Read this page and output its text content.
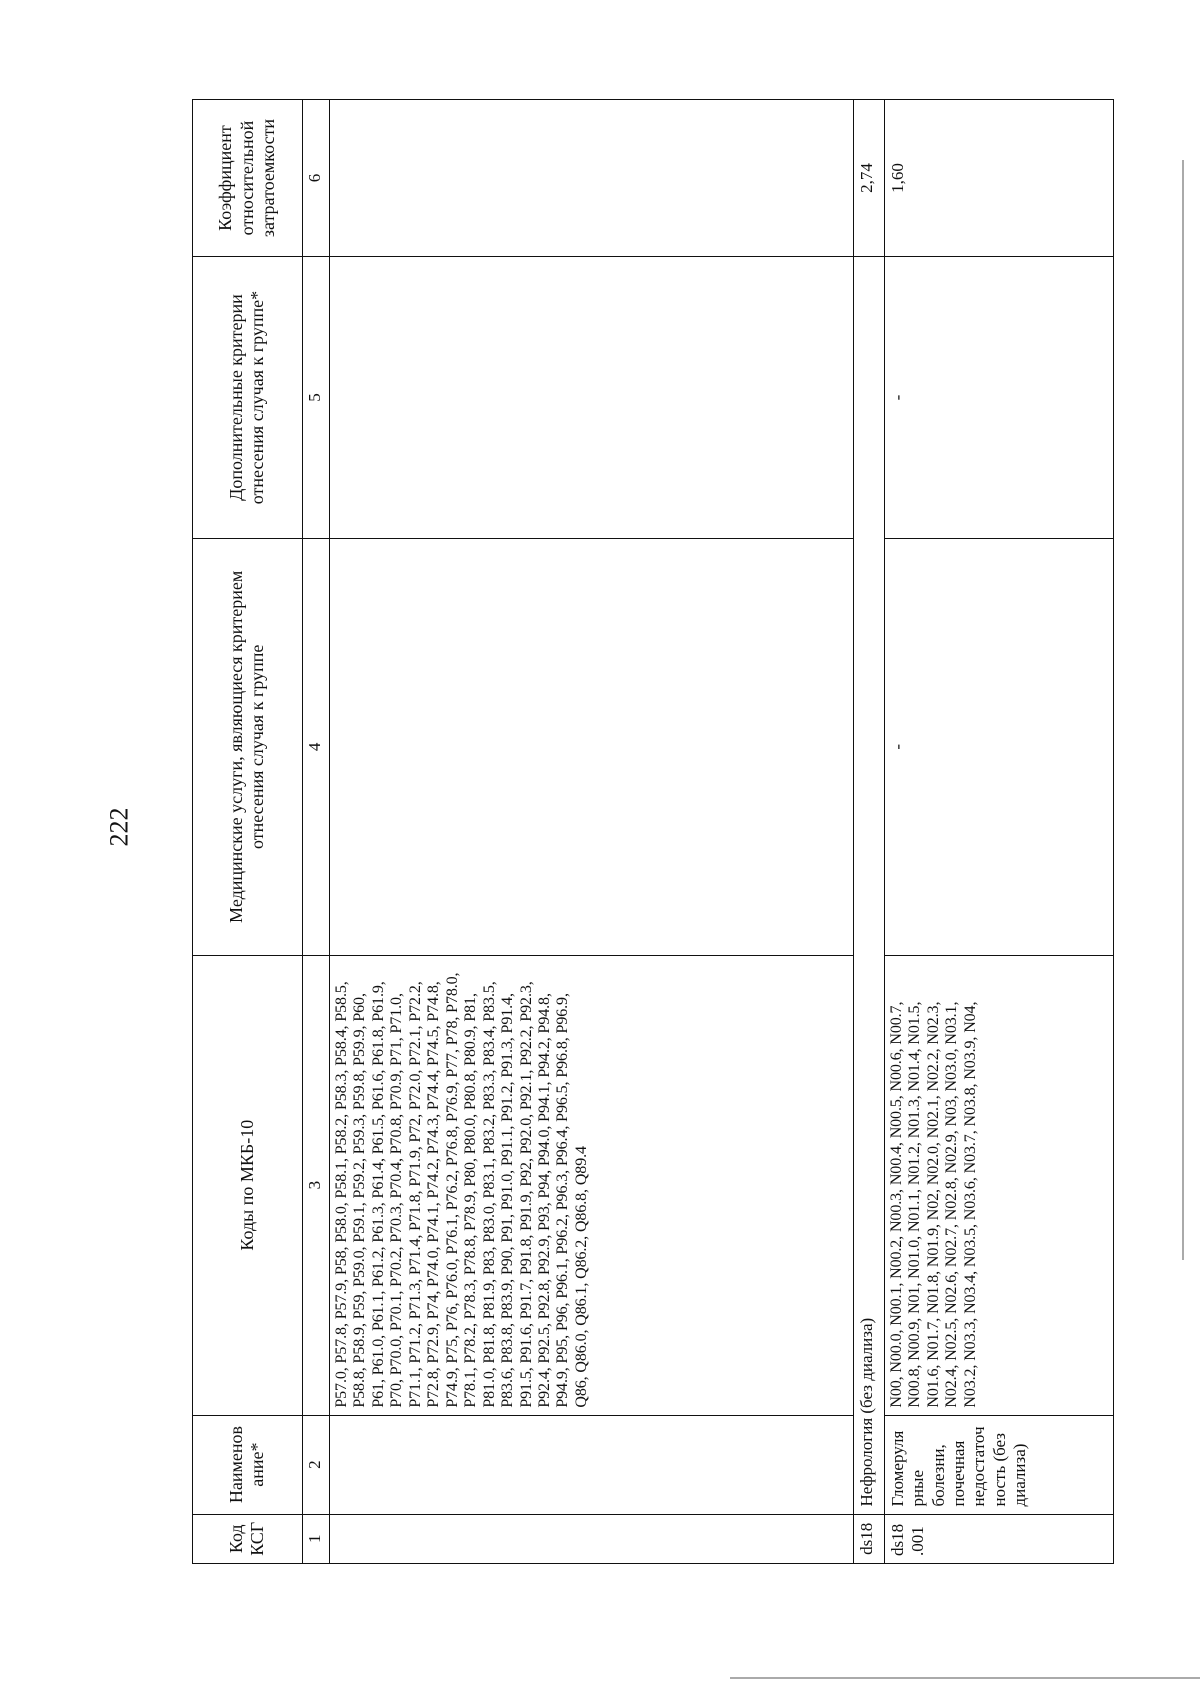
222
Код КСГ	Наименование*	Коды по МКБ-10	Медицинские услуги, являющиеся критерием отнесения случая к группе	Дополнительные критерии отнесения случая к группе*	Коэффициент относительной затратоемкости
1	2	3	4	5	6
		P57.0, P57.8, P57.9, P58, P58.0, P58.1, P58.2, P58.3, P58.4, P58.5, P58.8, P58.9, P59, P59.0, P59.1, P59.2, P59.3, P59.8, P59.9, P60, P61, P61.0, P61.1, P61.2, P61.3, P61.4, P61.5, P61.6, P61.8, P61.9, P70, P70.0, P70.1, P70.2, P70.3, P70.4, P70.8, P70.9, P71, P71.0, P71.1, P71.2, P71.3, P71.4, P71.8, P71.9, P72, P72.0, P72.1, P72.2, P72.8, P72.9, P74, P74.0, P74.1, P74.2, P74.3, P74.4, P74.5, P74.8, P74.9, P75, P76, P76.0, P76.1, P76.2, P76.8, P76.9, P77, P78, P78.0, P78.1, P78.2, P78.3, P78.8, P78.9, P80, P80.0, P80.8, P80.9, P81, P81.0, P81.8, P81.9, P83, P83.0, P83.1, P83.2, P83.3, P83.4, P83.5, P83.6, P83.8, P83.9, P90, P91, P91.0, P91.1, P91.2, P91.3, P91.4, P91.5, P91.6, P91.7, P91.8, P91.9, P92, P92.0, P92.1, P92.2, P92.3, P92.4, P92.5, P92.8, P92.9, P93, P94, P94.0, P94.1, P94.2, P94.8, P94.9, P95, P96, P96.1, P96.2, P96.3, P96.4, P96.5, P96.8, P96.9, Q86, Q86.0, Q86.1, Q86.2, Q86.8, Q89.4			
ds18	Нефрология (без диализа)				2,74
ds18.001	Гломерулярные болезни, почечная недостаточность (без диализа)	N00, N00.0, N00.1, N00.2, N00.3, N00.4, N00.5, N00.6, N00.7, N00.8, N00.9, N01, N01.0, N01.1, N01.2, N01.3, N01.4, N01.5, N01.6, N01.7, N01.8, N01.9, N02, N02.0, N02.1, N02.2, N02.3, N02.4, N02.5, N02.6, N02.7, N02.8, N02.9, N03, N03.0, N03.1, N03.2, N03.3, N03.4, N03.5, N03.6, N03.7, N03.8, N03.9, N04,	-	-	1,60
